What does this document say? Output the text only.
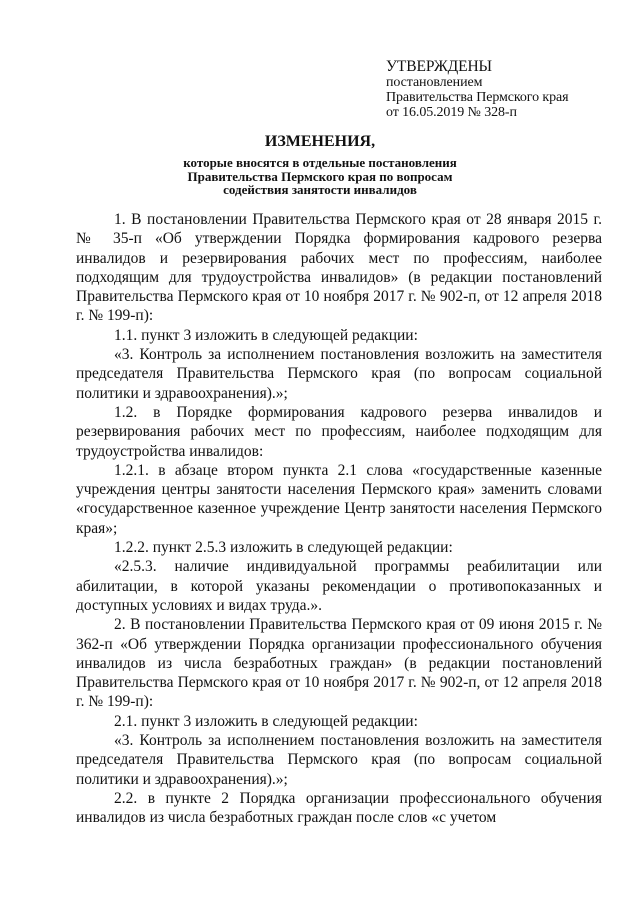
УТВЕРЖДЕНЫ
постановлением
Правительства Пермского края
от 16.05.2019 № 328-п
ИЗМЕНЕНИЯ,
которые вносятся в отдельные постановления
Правительства Пермского края по вопросам
содействия занятости инвалидов

1. В постановлении Правительства Пермского края от 28 января 2015 г. № 35-п «Об утверждении Порядка формирования кадрового резерва инвалидов и резервирования рабочих мест по профессиям, наиболее подходящим для трудоустройства инвалидов» (в редакции постановлений Правительства Пермского края от 10 ноября 2017 г. № 902-п, от 12 апреля 2018 г. № 199-п):

1.1. пункт 3 изложить в следующей редакции:

«3. Контроль за исполнением постановления возложить на заместителя председателя Правительства Пермского края (по вопросам социальной политики и здравоохранения).»;

1.2. в Порядке формирования кадрового резерва инвалидов и резервирования рабочих мест по профессиям, наиболее подходящим для трудоустройства инвалидов:

1.2.1. в абзаце втором пункта 2.1 слова «государственные казенные учреждения центры занятости населения Пермского края» заменить словами «государственное казенное учреждение Центр занятости населения Пермского края»;

1.2.2. пункт 2.5.3 изложить в следующей редакции:

«2.5.3. наличие индивидуальной программы реабилитации или абилитации, в которой указаны рекомендации о противопоказанных и доступных условиях и видах труда.».

2. В постановлении Правительства Пермского края от 09 июня 2015 г. № 362-п «Об утверждении Порядка организации профессионального обучения инвалидов из числа безработных граждан» (в редакции постановлений Правительства Пермского края от 10 ноября 2017 г. № 902-п, от 12 апреля 2018 г. № 199-п):

2.1. пункт 3 изложить в следующей редакции:

«3. Контроль за исполнением постановления возложить на заместителя председателя Правительства Пермского края (по вопросам социальной политики и здравоохранения).»;

2.2. в пункте 2 Порядка организации профессионального обучения инвалидов из числа безработных граждан после слов «с учетом
